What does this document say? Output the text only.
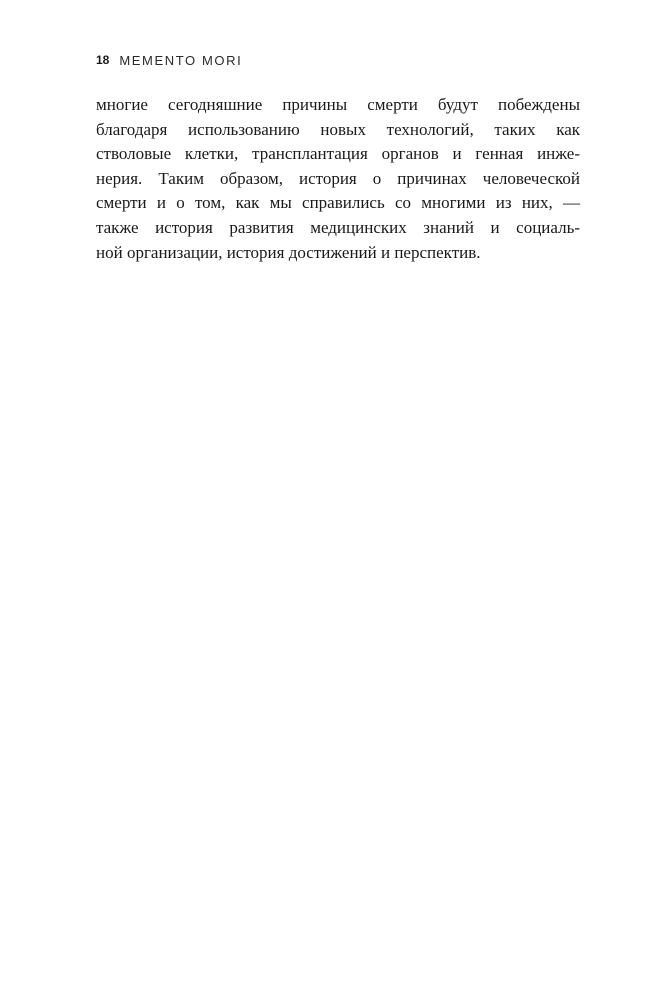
18 MEMENTO MORI
многие сегодняшние причины смерти будут побеждены
благодаря использованию новых технологий, таких как
стволовые клетки, трансплантация органов и генная инже-
нерия. Таким образом, история о причинах человеческой
смерти и о том, как мы справились со многими из них, —
также история развития медицинских знаний и социаль-
ной организации, история достижений и перспектив.
